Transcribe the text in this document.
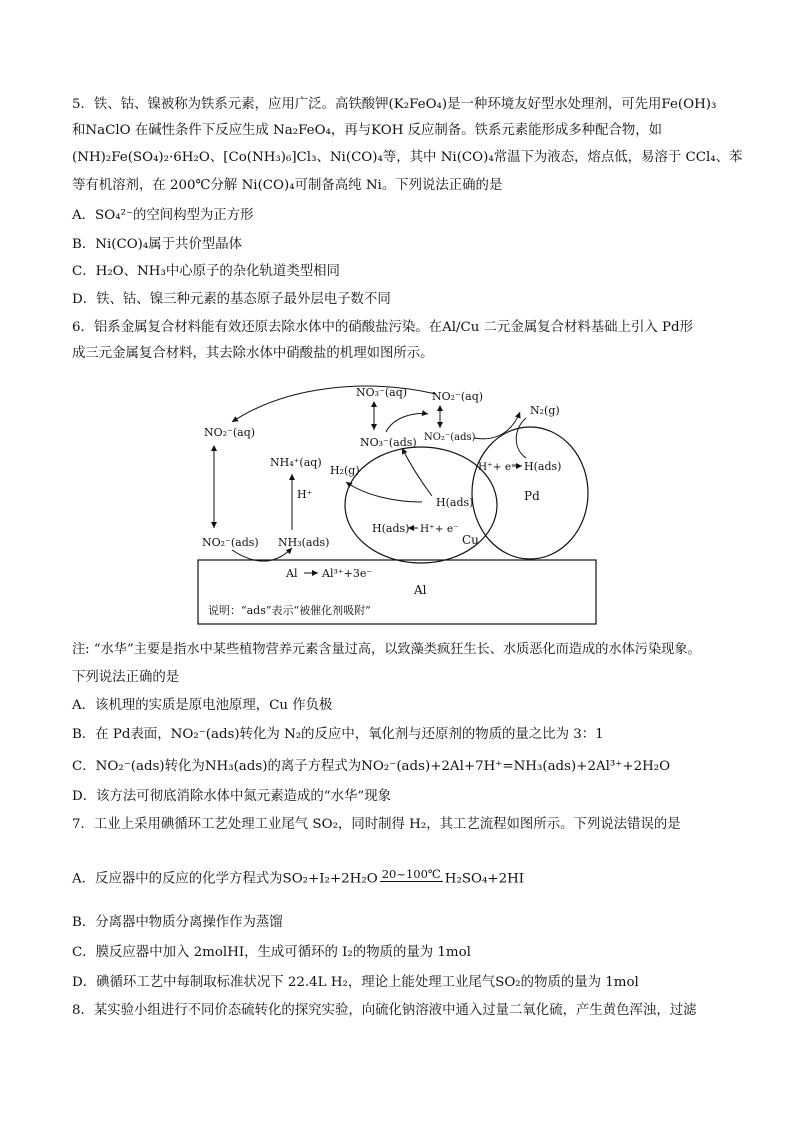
5．铁、钴、镍被称为铁系元素，应用广泛。高铁酸钾(K₂FeO₄)是一种环境友好型水处理剂，可先用Fe(OH)₃
和NaClO 在碱性条件下反应生成 Na₂FeO₄，再与KOH 反应制备。铁系元素能形成多种配合物，如
(NH)₂Fe(SO₄)₂·6H₂O、[Co(NH₃)₆]Cl₃、Ni(CO)₄等，其中 Ni(CO)₄常温下为液态，熔点低，易溶于 CCl₄、苯
等有机溶剂，在 200℃分解 Ni(CO)₄可制备高纯 Ni。下列说法正确的是
A．SO₄²⁻的空间构型为正方形
B．Ni(CO)₄属于共价型晶体
C．H₂O、NH₃中心原子的杂化轨道类型相同
D．铁、钴、镍三种元素的基态原子最外层电子数不同
6．铝系金属复合材料能有效还原去除水体中的硝酸盐污染。在Al/Cu 二元金属复合材料基础上引入 Pd形
成三元金属复合材料，其去除水体中硝酸盐的机理如图所示。
NO₂⁻(aq)
NO₃⁻(aq) NO₂⁻(aq)
N₂(g)
NO₃⁻(ads) NO₂⁻(ads)
NH₄⁺(aq)
H₂(g)
H⁺
H⁺+ e⁻ H(ads)
Pd
H(ads)
H(ads) H⁺+ e⁻
Cu
NO₂⁻(ads) NH₃(ads)
Al Al³⁺+3e⁻
Al
说明：“ads”表示“被催化剂吸附”
注: “水华”主要是指水中某些植物营养元素含量过高，以致藻类疯狂生长、水质恶化而造成的水体污染现象。
下列说法正确的是
A．该机理的实质是原电池原理，Cu 作负极
B．在 Pd表面，NO₂⁻(ads)转化为 N₂的反应中，氧化剂与还原剂的物质的量之比为 3：1
C．NO₂⁻(ads)转化为NH₃(ads)的离子方程式为NO₂⁻(ads)+2Al+7H⁺=NH₃(ads)+2Al³⁺+2H₂O
D．该方法可彻底消除水体中氮元素造成的“水华”现象
7．工业上采用碘循环工艺处理工业尾气 SO₂，同时制得 H₂，其工艺流程如图所示。下列说法错误的是
A．反应器中的反应的化学方程式为SO₂+I₂+2H₂O 20~100℃ H₂SO₄+2HI
B．分离器中物质分离操作作为蒸馏
C．膜反应器中加入 2molHI，生成可循环的 I₂的物质的量为 1mol
D．碘循环工艺中每制取标准状况下 22.4L H₂，理论上能处理工业尾气SO₂的物质的量为 1mol
8．某实验小组进行不同价态硫转化的探究实验，向硫化钠溶液中通入过量二氧化硫，产生黄色浑浊，过滤
